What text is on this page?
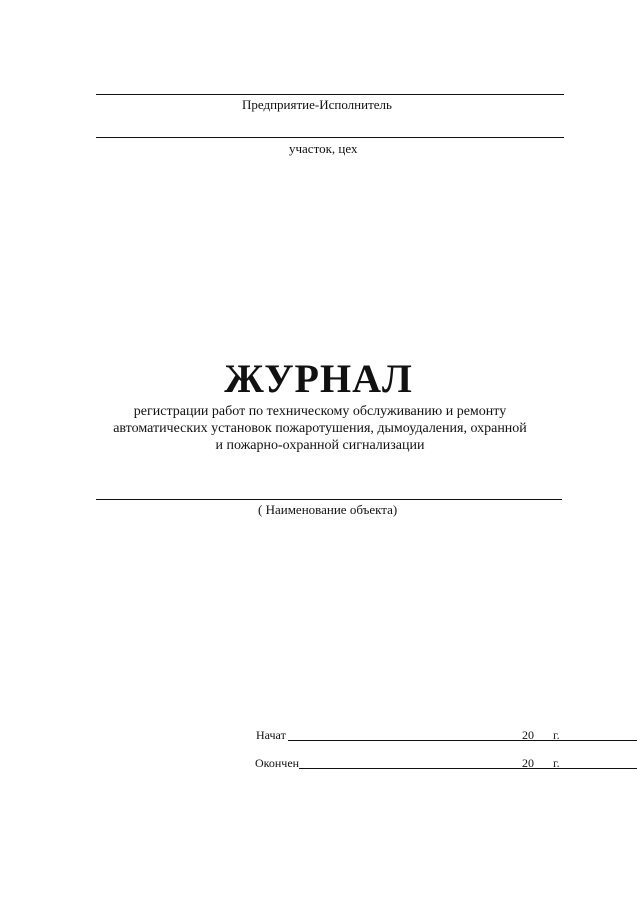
Предприятие-Исполнитель
участок, цех
ЖУРНАЛ
регистрации работ по техническому обслуживанию и ремонту автоматических установок пожаротушения, дымоудаления, охранной и пожарно-охранной сигнализации
( Наименование объекта)
Начат	20 г.
Окончен	20 г.
